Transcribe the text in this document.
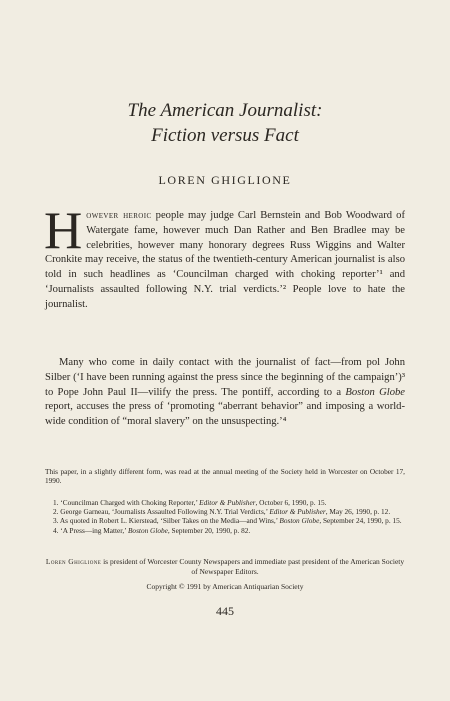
The American Journalist:
Fiction versus Fact
LOREN GHIGLIONE
However heroic people may judge Carl Bernstein and Bob Woodward of Watergate fame, however much Dan Rather and Ben Bradlee may be celebrities, however many honorary degrees Russ Wiggins and Walter Cronkite may receive, the status of the twentieth-century American journalist is also told in such headlines as ‘Councilman charged with choking reporter’¹ and ‘Journalists assaulted following N.Y. trial verdicts.’² People love to hate the journalist.
Many who come in daily contact with the journalist of fact—from pol John Silber (‘I have been running against the press since the beginning of the campaign’)³ to Pope John Paul II—vilify the press. The pontiff, according to a Boston Globe report, accuses the press of ‘promoting “aberrant behavior” and imposing a world-wide condition of “moral slavery” on the unsuspecting.’⁴
This paper, in a slightly different form, was read at the annual meeting of the Society held in Worcester on October 17, 1990.
1. ‘Councilman Charged with Choking Reporter,’ Editor & Publisher, October 6, 1990, p. 15.
2. George Garneau, ‘Journalists Assaulted Following N.Y. Trial Verdicts,’ Editor & Publisher, May 26, 1990, p. 12.
3. As quoted in Robert L. Kierstead, ‘Silber Takes on the Media—and Wins,’ Boston Globe, September 24, 1990, p. 15.
4. ‘A Press—ing Matter,’ Boston Globe, September 20, 1990, p. 82.
Loren Ghiglione is president of Worcester County Newspapers and immediate past president of the American Society of Newspaper Editors.
Copyright © 1991 by American Antiquarian Society
445
